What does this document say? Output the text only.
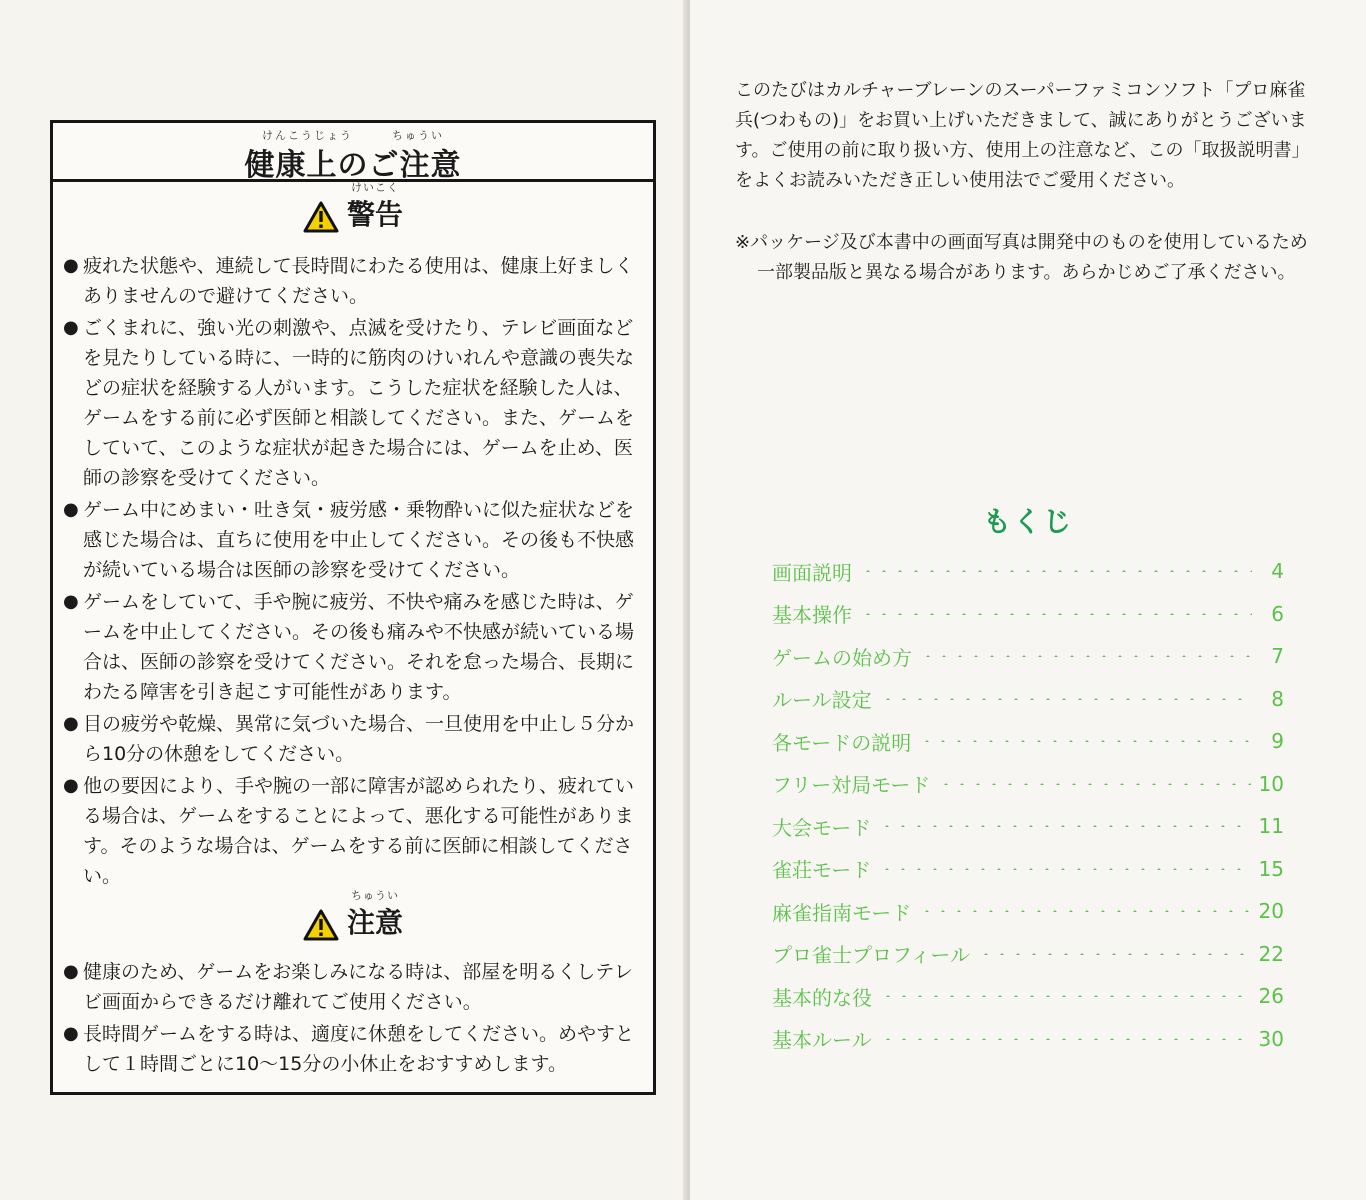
けんこうじょう　　　ちゅうい
健康上のご注意
けいこく
警告

● 疲れた状態や、連続して長時間にわたる使用は、健康上好ましくありませんので避けてください。

● ごくまれに、強い光の刺激や、点滅を受けたり、テレビ画面などを見たりしている時に、一時的に筋肉のけいれんや意識の喪失などの症状を経験する人がいます。こうした症状を経験した人は、ゲームをする前に必ず医師と相談してください。また、ゲームをしていて、このような症状が起きた場合には、ゲームを止め、医師の診察を受けてください。

● ゲーム中にめまい・吐き気・疲労感・乗物酔いに似た症状などを感じた場合は、直ちに使用を中止してください。その後も不快感が続いている場合は医師の診察を受けてください。

● ゲームをしていて、手や腕に疲労、不快や痛みを感じた時は、ゲームを中止してください。その後も痛みや不快感が続いている場合は、医師の診察を受けてください。それを怠った場合、長期にわたる障害を引き起こす可能性があります。

● 目の疲労や乾燥、異常に気づいた場合、一旦使用を中止し５分から10分の休憩をしてください。

● 他の要因により、手や腕の一部に障害が認められたり、疲れている場合は、ゲームをすることによって、悪化する可能性があります。そのような場合は、ゲームをする前に医師に相談してください。

ちゅうい
注意

● 健康のため、ゲームをお楽しみになる時は、部屋を明るくしテレビ画面からできるだけ離れてご使用ください。

● 長時間ゲームをする時は、適度に休憩をしてください。めやすとして１時間ごとに10〜15分の小休止をおすすめします。

このたびはカルチャーブレーンのスーパーファミコンソフト「プロ麻雀 兵(つわもの)」をお買い上げいただきまして、誠にありがとうございます。ご使用の前に取り扱い方、使用上の注意など、この「取扱説明書」をよくお読みいただき正しい使用法でご愛用ください。
※パッケージ及び本書中の画面写真は開発中のものを使用しているため一部製品版と異なる場合があります。あらかじめご了承ください。
もくじ
画面説明	4
基本操作	6
ゲームの始め方	7
ルール設定	8
各モードの説明	9
フリー対局モード	10
大会モード	11
雀荘モード	15
麻雀指南モード	20
プロ雀士プロフィール	22
基本的な役	26
基本ルール	30
